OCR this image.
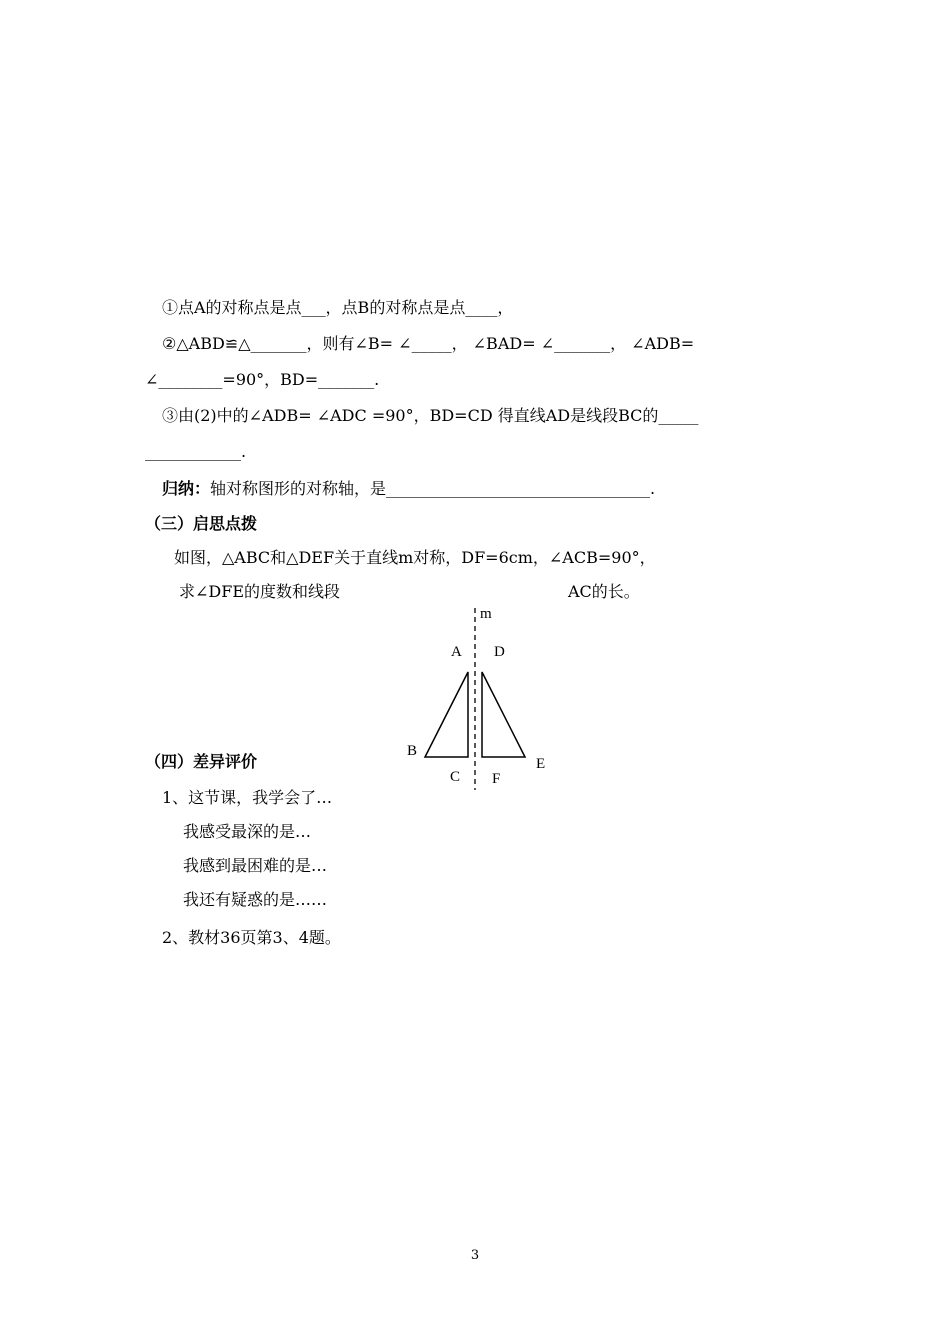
①点A的对称点是点___，点B的对称点是点____，
②△ABD≌△_______，则有∠B= ∠_____， ∠BAD= ∠_______， ∠ADB=
∠________=90°，BD=_______.
③由(2)中的∠ADB= ∠ADC =90°，BD=CD 得直线AD是线段BC的_____
____________.
归纳：轴对称图形的对称轴，是_________________________________.
（三）启思点拨
如图，△ABC和△DEF关于直线m对称，DF=6cm，∠ACB=90°，
求∠DFE的度数和线段	AC的长。
m
A D
B
C F
E
（四）差异评价
1、这节课，我学会了…
我感受最深的是…
我感到最困难的是…
我还有疑惑的是……
2、教材36页第3、4题。
3
